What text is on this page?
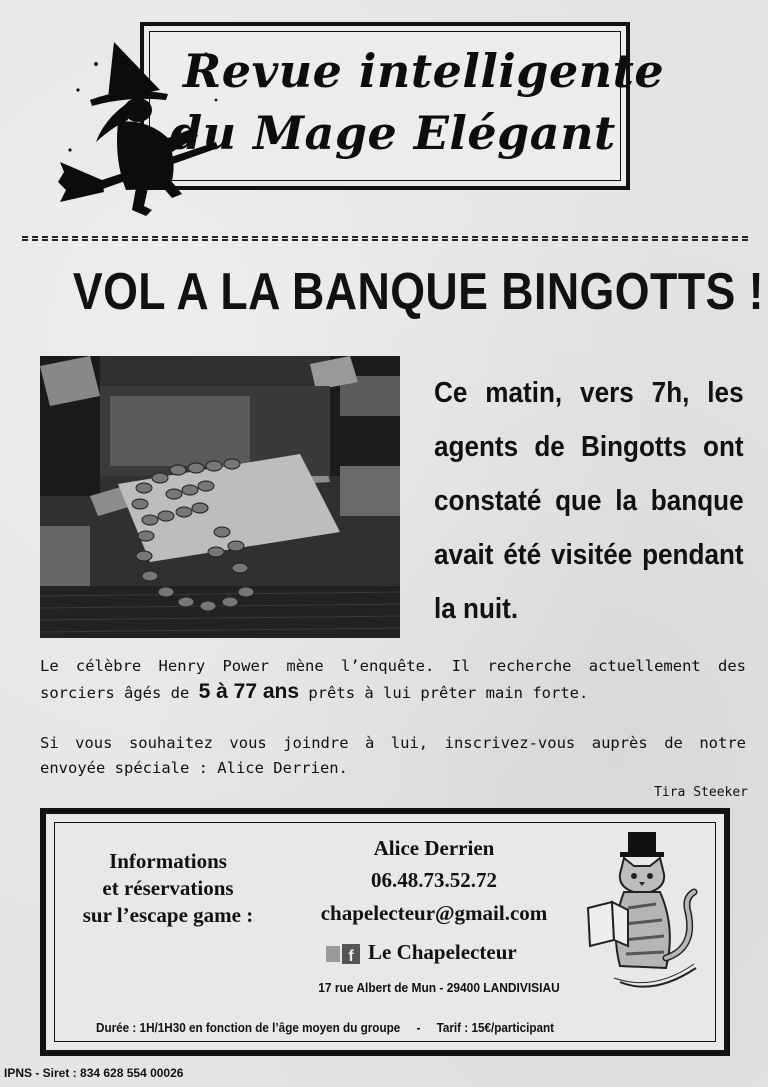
Revue intelligente
du Mage Elégant
VOL A LA BANQUE BINGOTTS !
Ce matin, vers 7h, les agents de Bingotts ont constaté que la banque avait été visitée pendant la nuit.
Le célèbre Henry Power mène l’enquête. Il recherche actuellement des sorciers âgés de 5 à 77 ans prêts à lui prêter main forte.
Si vous souhaitez vous joindre à lui, inscrivez-vous auprès de notre envoyée spéciale : Alice Derrien.
Tira Steeker
Informations
et réservations
sur l’escape game :
Alice Derrien
06.48.73.52.72
chapelecteur@gmail.com
f Le Chapelecteur
17 rue Albert de Mun - 29400 LANDIVISIAU
Durée : 1H/1H30 en fonction de l’âge moyen du groupe - Tarif : 15€/participant
IPNS - Siret : 834 628 554 00026
